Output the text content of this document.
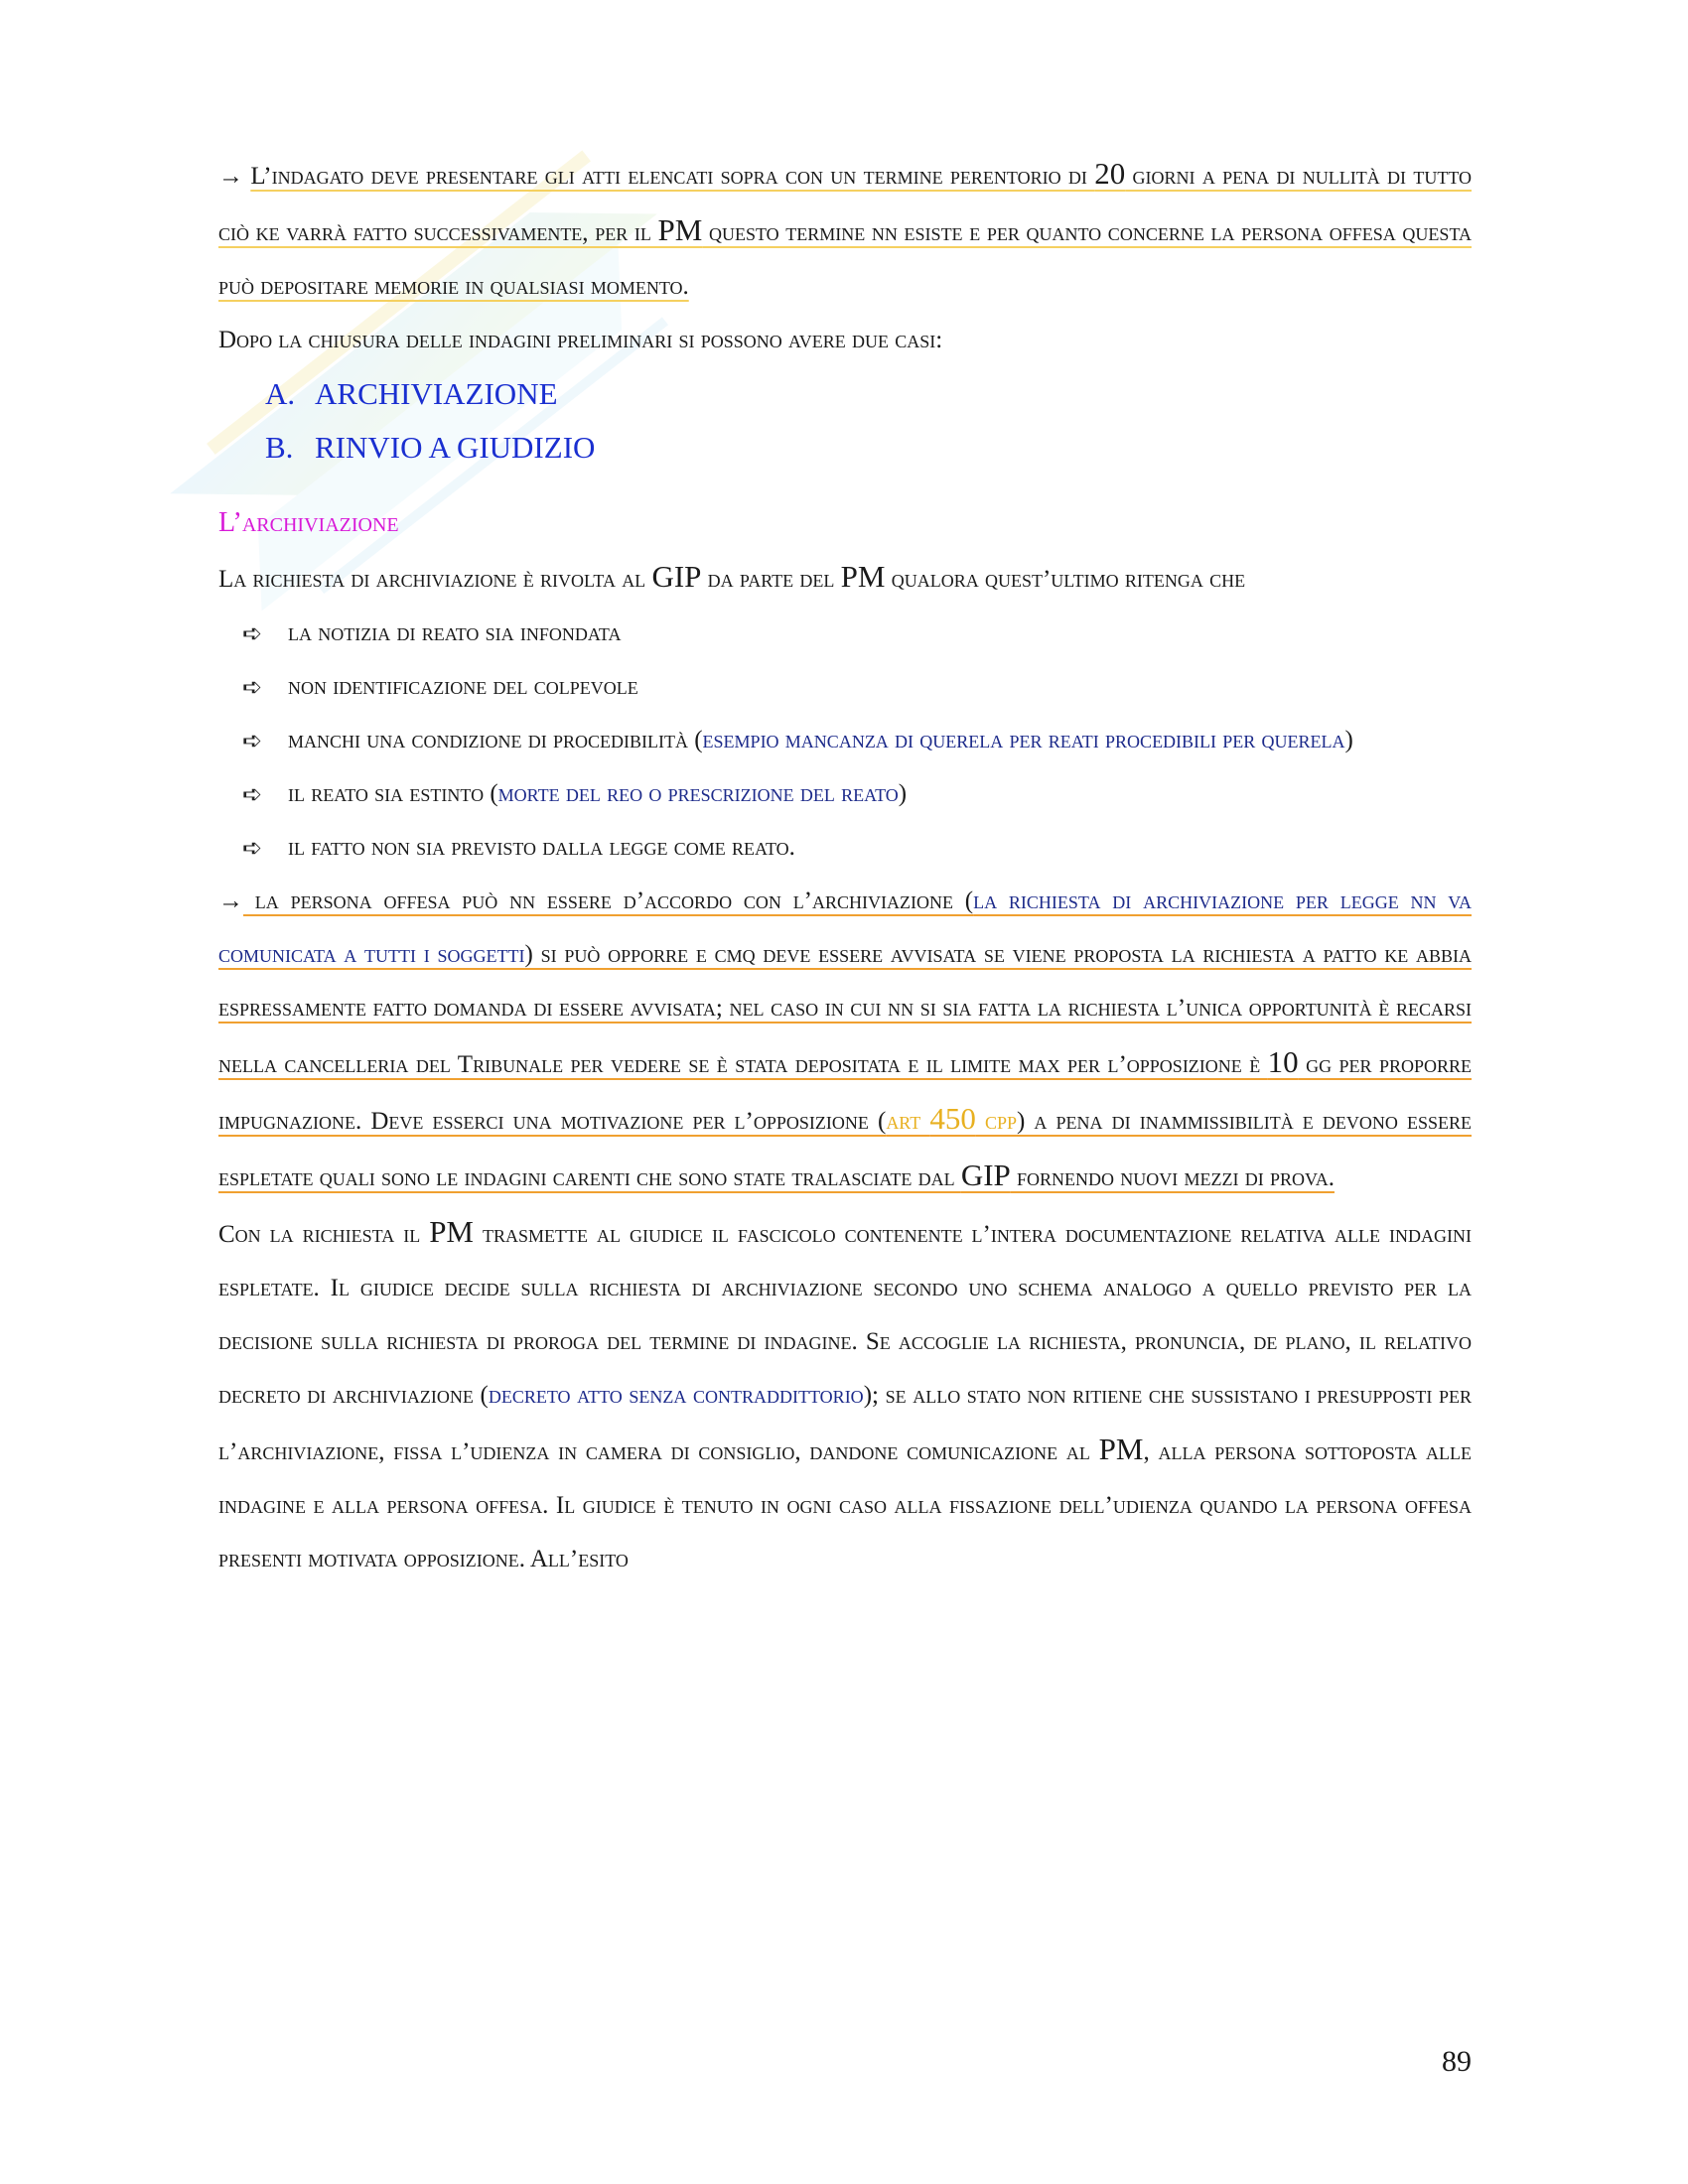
→ L’indagato deve presentare gli atti elencati sopra con un termine perentorio di 20 giorni a pena di nullità di tutto ciò ke varrà fatto successivamente, per il PM questo termine nn esiste e per quanto concerne la persona offesa questa può depositare memorie in qualsiasi momento.

Dopo la chiusura delle indagini preliminari si possono avere due casi:

A. ARCHIVIAZIONE
B. RINVIO A GIUDIZIO

L’archiviazione

La richiesta di archiviazione è rivolta al GIP da parte del PM qualora quest’ultimo ritenga che

➪ la notizia di reato sia infondata
➪ non identificazione del colpevole
➪ manchi una condizione di procedibilità (esempio mancanza di querela per reati procedibili per querela)
➪ il reato sia estinto (morte del reo o prescrizione del reato)
➪ il fatto non sia previsto dalla legge come reato.

→ la persona offesa può nn essere d’accordo con l’archiviazione (la richiesta di archiviazione per legge nn va comunicata a tutti i soggetti) si può opporre e cmq deve essere avvisata se viene proposta la richiesta a patto ke abbia espressamente fatto domanda di essere avvisata; nel caso in cui nn si sia fatta la richiesta l’unica opportunità è recarsi nella cancelleria del Tribunale per vedere se è stata depositata e il limite max per l’opposizione è 10 gg per proporre impugnazione. Deve esserci una motivazione per l’opposizione (art 450 cpp) a pena di inammissibilità e devono essere espletate quali sono le indagini carenti che sono state tralasciate dal GIP fornendo nuovi mezzi di prova.

Con la richiesta il PM trasmette al giudice il fascicolo contenente l’intera documentazione relativa alle indagini espletate. Il giudice decide sulla richiesta di archiviazione secondo uno schema analogo a quello previsto per la decisione sulla richiesta di proroga del termine di indagine. Se accoglie la richiesta, pronuncia, de plano, il relativo decreto di archiviazione (decreto atto senza contraddittorio); se allo stato non ritiene che sussistano i presupposti per l’archiviazione, fissa l’udienza in camera di consiglio, dandone comunicazione al PM, alla persona sottoposta alle indagine e alla persona offesa. Il giudice è tenuto in ogni caso alla fissazione dell’udienza quando la persona offesa presenti motivata opposizione. All’esito

89
